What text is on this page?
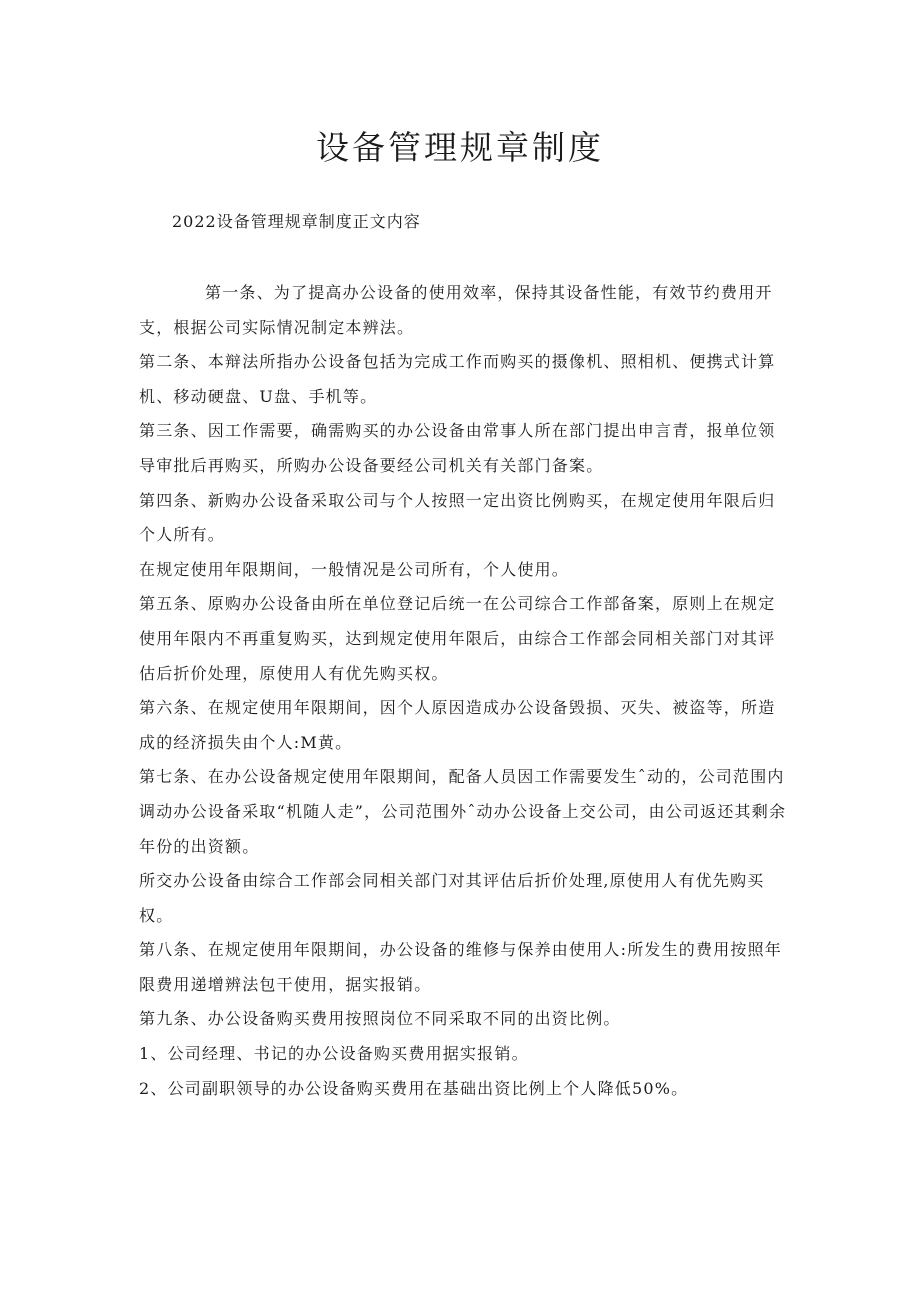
设备管理规章制度

2022设备管理规章制度正文内容

第一条、为了提高办公设备的使用效率，保持其设备性能，有效节约费用开支，根据公司实际情况制定本辨法。

第二条、本辩法所指办公设备包括为完成工作而购买的摄像机、照相机、便携式计算机、移动硬盘、U盘、手机等。

第三条、因工作需要，确需购买的办公设备由常事人所在部门提出申言青，报单位领导审批后再购买，所购办公设备要经公司机关有关部门备案。

第四条、新购办公设备采取公司与个人按照一定出资比例购买，在规定使用年限后归个人所有。

在规定使用年限期间，一般情况是公司所有，个人使用。

第五条、原购办公设备由所在单位登记后统一在公司综合工作部备案，原则上在规定使用年限内不再重复购买，达到规定使用年限后，由综合工作部会同相关部门对其评估后折价处理，原使用人有优先购买权。

第六条、在规定使用年限期间，因个人原因造成办公设备毁损、灭失、被盗等，所造成的经济损失由个人:M黄。

第七条、在办公设备规定使用年限期间，配备人员因工作需要发生ˆ动的，公司范围内调动办公设备采取“机随人走”，公司范围外ˆ动办公设备上交公司，由公司返还其剩余年份的出资额。

所交办公设备由综合工作部会同相关部门对其评估后折价处理,原使用人有优先购买权。

第八条、在规定使用年限期间，办公设备的维修与保养由使用人:所发生的费用按照年限费用递增辨法包干使用，据实报销。

第九条、办公设备购买费用按照岗位不同采取不同的出资比例。

1、公司经理、书记的办公设备购买费用据实报销。

2、公司副职领导的办公设备购买费用在基础出资比例上个人降低50%。
